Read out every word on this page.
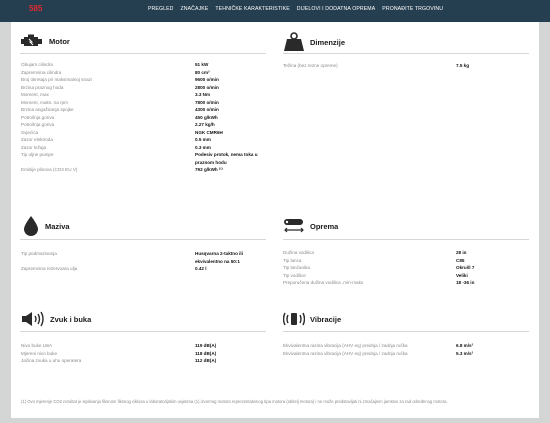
585	PREGLED ZNAČAJKE TEHNIČKE KARAKTERISTIKE DIJELOVI I DODATNA OPREMA PRONAĐITE TRGOVINU
Motor
Obujam cilindra	51 kW
Zapremnina cilindra	80 cm³
Broj okretaja pri maksimalnoj snazi	9600 o/min
Brzina praznog hoda	2800 o/min
Moment, max	3.3 Nm
Moment, maks. na rpm	7800 o/min
Brzina angažiranja spojke	4300 o/min
Potrošnja goriva	450 g/kWh
Potrošnja goriva	2.27 kg/h
Svjećica	NGK CMR6H
Zazor elektroda	0.5 mm
Zazor ležaja	0.3 mm
Tip uljne pumpe	Podesiv protok, nema toka u praznom hodu
Emisije plinova (CO2 EU V)	792 g/kWh ⁽¹⁾
Dimenzije
Težina (bez rezne opreme)	7.5 kg
Maziva
Tip podmazivanja	Husqvarna 2-taktno ili ekvivalentno na 50:1
Zapremnina rezervoara ulja	0.42 l
Oprema
Dužina vodilica	28 in
Tip lanca	C85
Tip lančanika	Okrušl 7
Tip vodilice	Veliki
Preporučena dužina vodilica ,min-maks	18 -36 in
Zvuk i buka
Nivo buke LWA	119 dB(A)
Mjereni nivo buke	118 dB(A)
Jačina zvuka u uhu operatera	112 dB(A)
Vibracije
Ekvivalentna razina vibracija (AHV eq) prednja / zadnja ručka	6.8 m/s²
Ekvivalentna razina vibracija (AHV eq) prednja / zadnja ručka	5.3 m/s²
(1) Ovo mjerenje CO2 rezultat je ispitivanja fiksnom fiksnog ciklusa u laboratorijskim uvjetima (1) izvornog motora reprezentativnog tipa motora (obitelj motora) i ne može predstavljati ni zmačajnim jamstvo za rad određenog motora.
